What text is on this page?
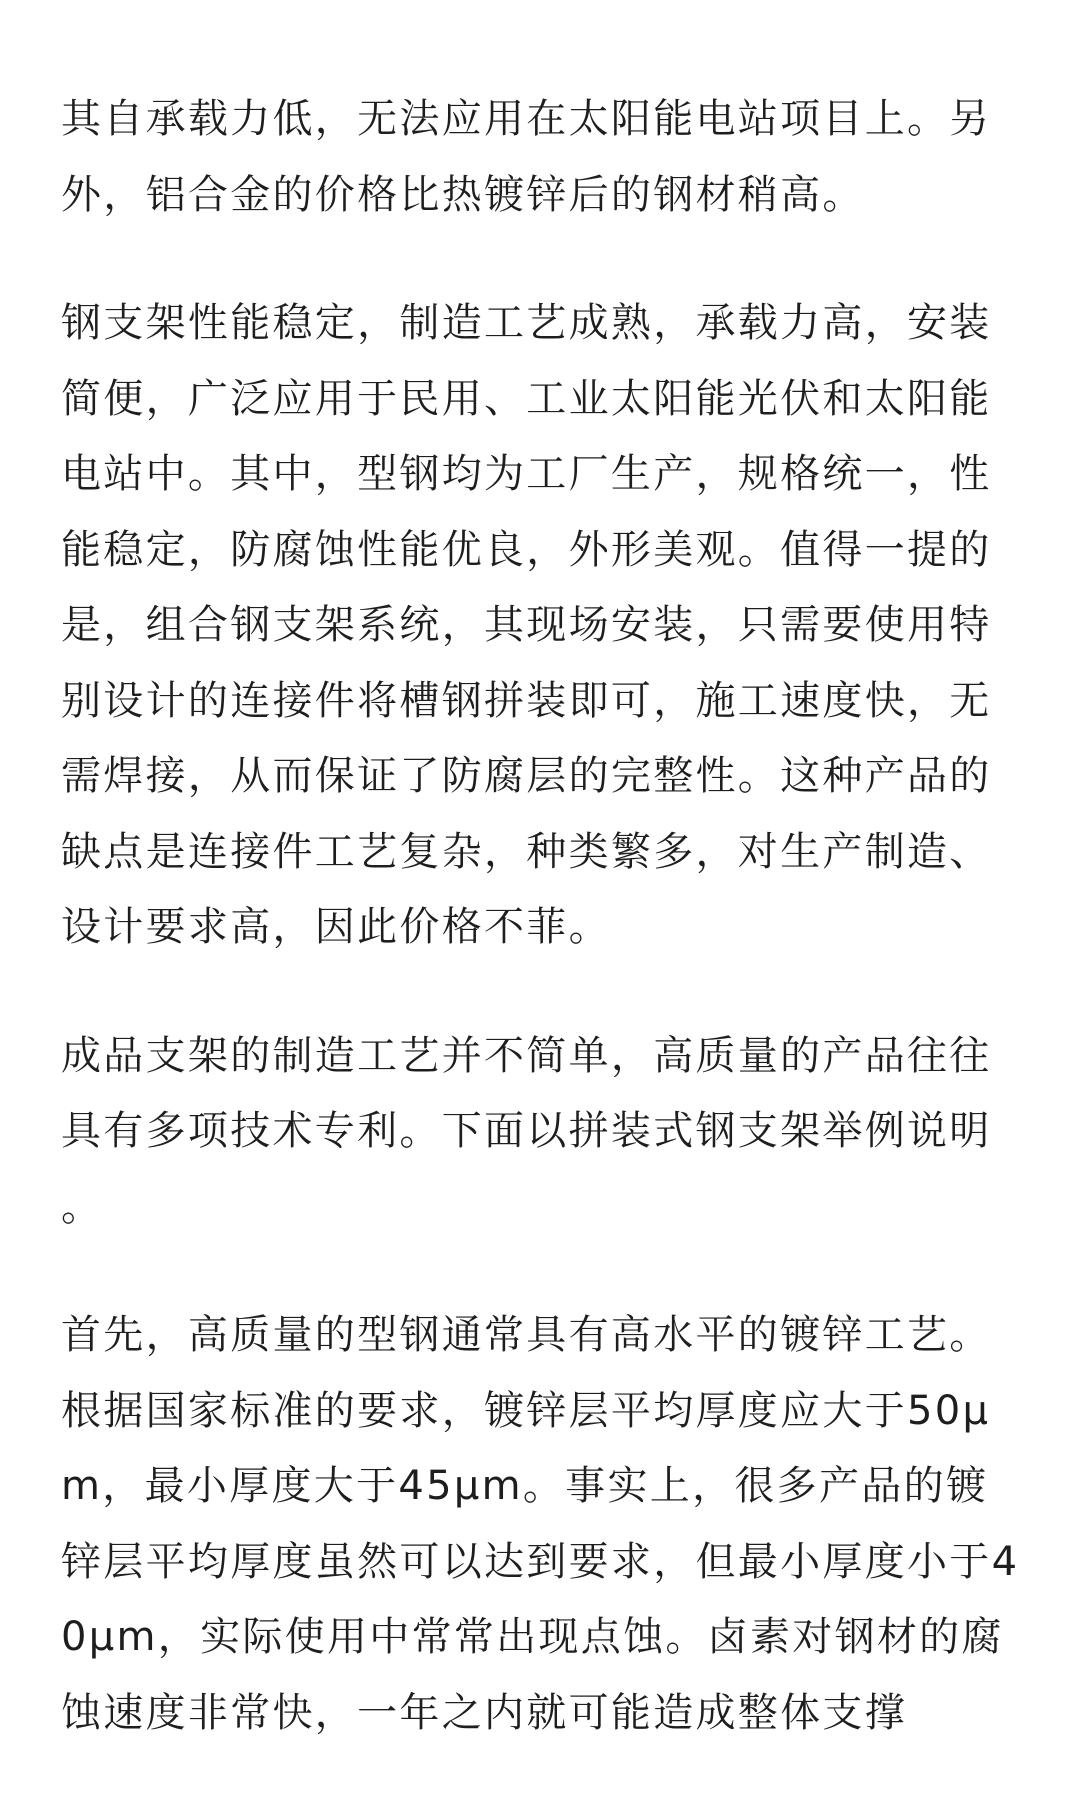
其自承载力低，无法应用在太阳能电站项目上。另外，铝合金的价格比热镀锌后的钢材稍高。

钢支架性能稳定，制造工艺成熟，承载力高，安装简便，广泛应用于民用、工业太阳能光伏和太阳能电站中。其中，型钢均为工厂生产，规格统一，性能稳定，防腐蚀性能优良，外形美观。值得一提的是，组合钢支架系统，其现场安装，只需要使用特别设计的连接件将槽钢拼装即可，施工速度快，无需焊接，从而保证了防腐层的完整性。这种产品的缺点是连接件工艺复杂，种类繁多，对生产制造、设计要求高，因此价格不菲。

成品支架的制造工艺并不简单，高质量的产品往往具有多项技术专利。下面以拼装式钢支架举例说明。

首先，高质量的型钢通常具有高水平的镀锌工艺。根据国家标准的要求，镀锌层平均厚度应大于50μm，最小厚度大于45μm。事实上，很多产品的镀锌层平均厚度虽然可以达到要求，但最小厚度小于40μm，实际使用中常常出现点蚀。卤素对钢材的腐蚀速度非常快，一年之内就可能造成整体支撑
